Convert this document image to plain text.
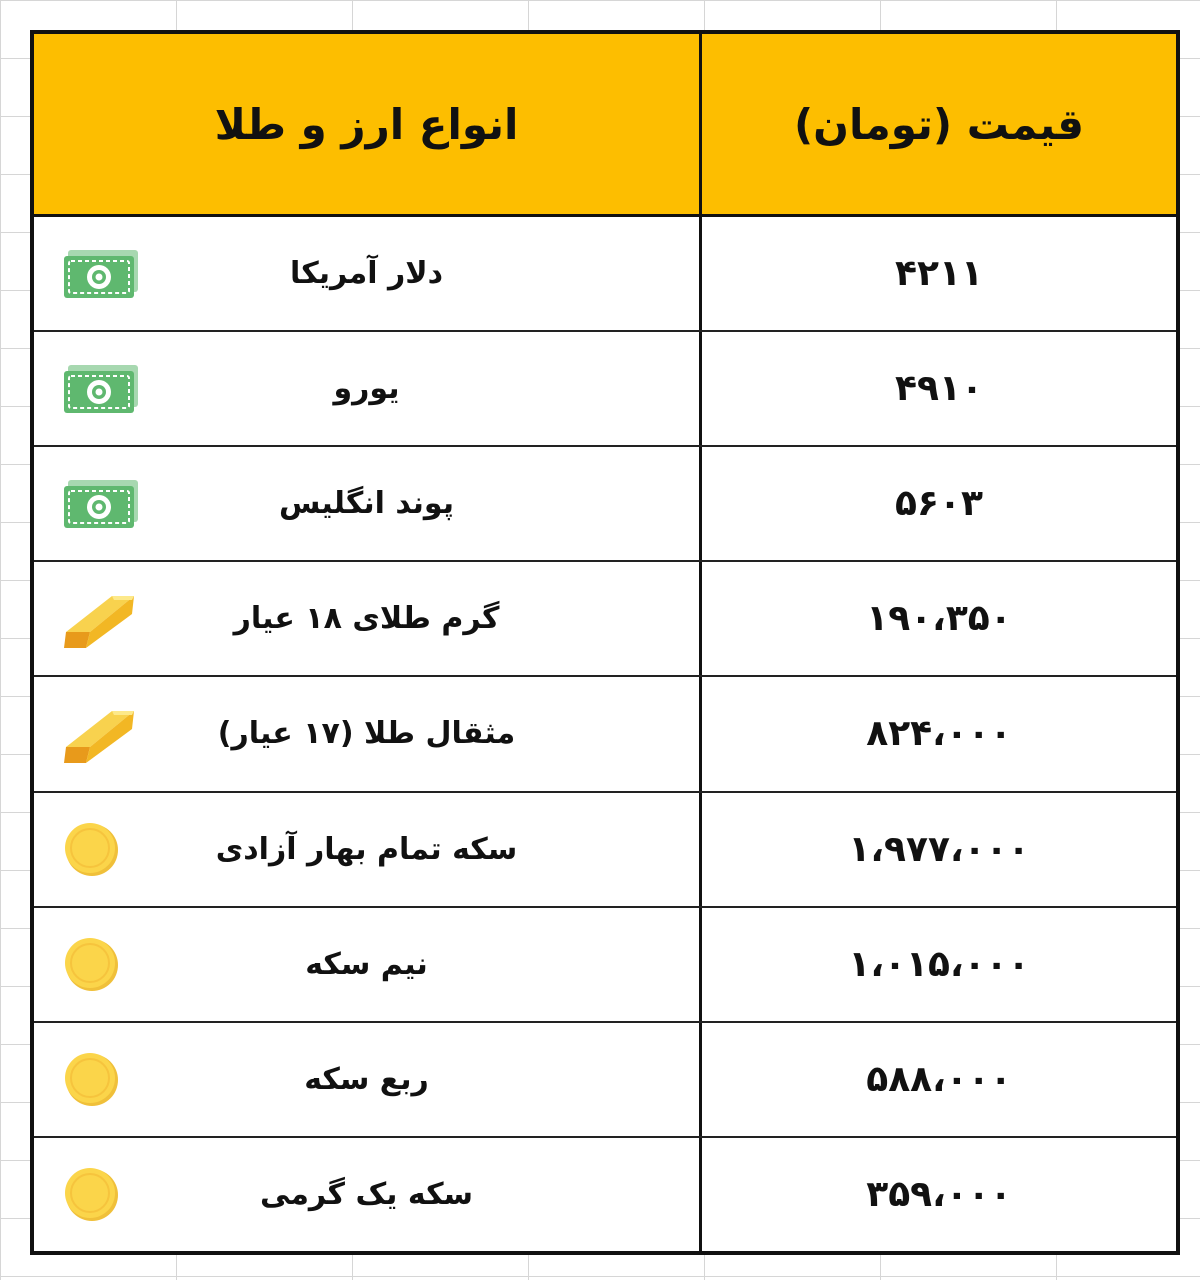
انواع ارز و طلا	قیمت (تومان)
دلار آمریکا	۴۲۱۱
یورو	۴۹۱۰
پوند انگلیس	۵۶۰۳
گرم طلای ۱۸ عیار	۱۹۰،۳۵۰
مثقال طلا (۱۷ عیار)	۸۲۴،۰۰۰
سکه تمام بهار آزادی	۱،۹۷۷،۰۰۰
نیم سکه	۱،۰۱۵،۰۰۰
ربع سکه	۵۸۸،۰۰۰
سکه یک گرمی	۳۵۹،۰۰۰
